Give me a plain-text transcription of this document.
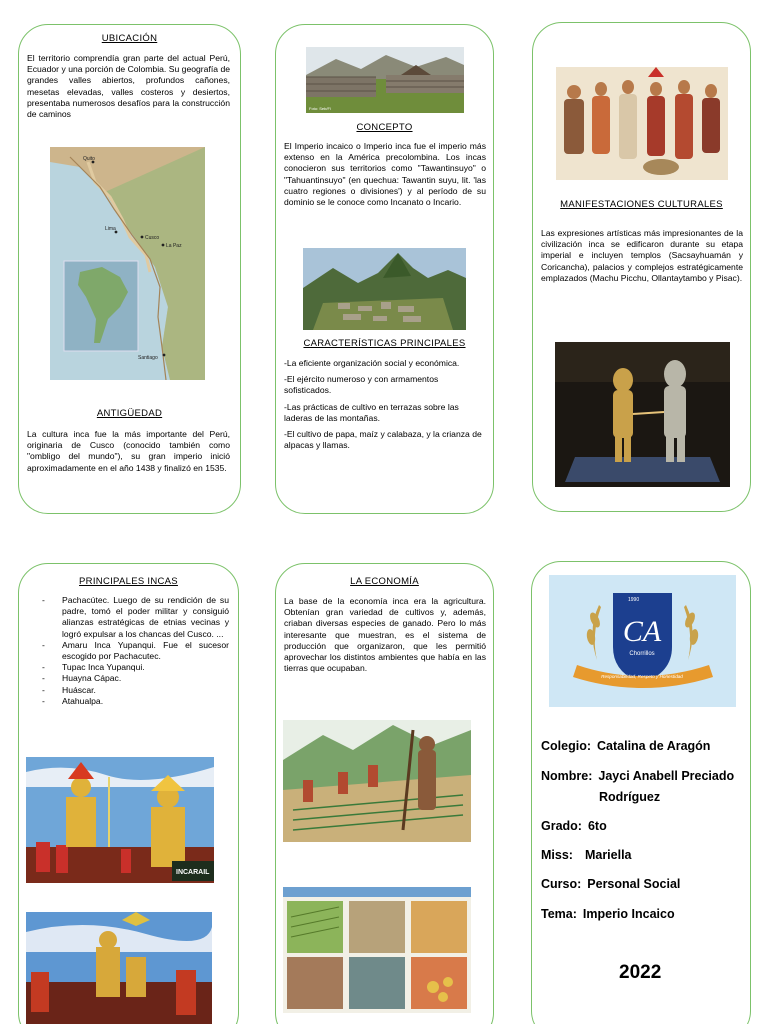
UBICACIÓN
El territorio comprendía gran parte del actual Perú, Ecuador y una porción de Colombia. Su geografía de grandes valles abiertos, profundos cañones, mesetas elevadas, valles costeros y desiertos, presentaba numerosos desafíos para la construcción de caminos
Quito
Lima
Cusco
La Paz
Santiago
ANTIGÜEDAD
La cultura inca fue la más importante del Perú, originaria de Cusco (conocido también como "ombligo del mundo"), su gran imperio inició aproximadamente en el año 1438 y finalizó en 1535.
Foto: Seb/Fl
CONCEPTO
El Imperio incaico o Imperio inca fue el imperio más extenso en la América precolombina. Los incas conocieron sus territorios como "Tawantinsuyo" o "Tahuantinsuyo" (en quechua: Tawantin suyu, lit. 'las cuatro regiones o divisiones') y al período de su dominio se le conoce como Incanato o Incario.
CARACTERÍSTICAS PRINCIPALES

-La eficiente organización social y económica.

-El ejército numeroso y con armamentos sofisticados.

-Las prácticas de cultivo en terrazas sobre las laderas de las montañas.

-El cultivo de papa, maíz y calabaza, y la crianza de alpacas y llamas.

MANIFESTACIONES CULTURALES
Las expresiones artísticas más impresionantes de la civilización inca se edificaron durante su etapa imperial e incluyen templos (Sacsayhuamán y Coricancha), palacios y complejos estratégicamente emplazados (Machu Picchu, Ollantaytambo y Pisac).
PRINCIPALES INCAS
- Pachacútec. Luego de su rendición de su padre, tomó el poder militar y consiguió alianzas estratégicas de etnias vecinas y logró expulsar a los chancas del Cusco. ...
- Amaru Inca Yupanqui. Fue el sucesor escogido por Pachacutec.
- Tupac Inca Yupanqui.
- Huayna Cápac.
- Huáscar.
- Atahualpa.
INCARAIL
LA ECONOMÍA
La base de la economía inca era la agricultura. Obtenían gran variedad de cultivos y, además, criaban diversas especies de ganado. Pero lo más interesante que muestran, es el sistema de producción que organizaron, que les permitió aprovechar los distintos ambientes que había en las tierras que ocupaban.
1990
CA
Chorrillos
Responsabilidad, Respeto y Honestidad
Colegio: Catalina de Aragón
Nombre: Jayci Anabell Preciado
Rodríguez
Grado: 6to
Miss: Mariella
Curso: Personal Social
Tema: Imperio Incaico
2022
